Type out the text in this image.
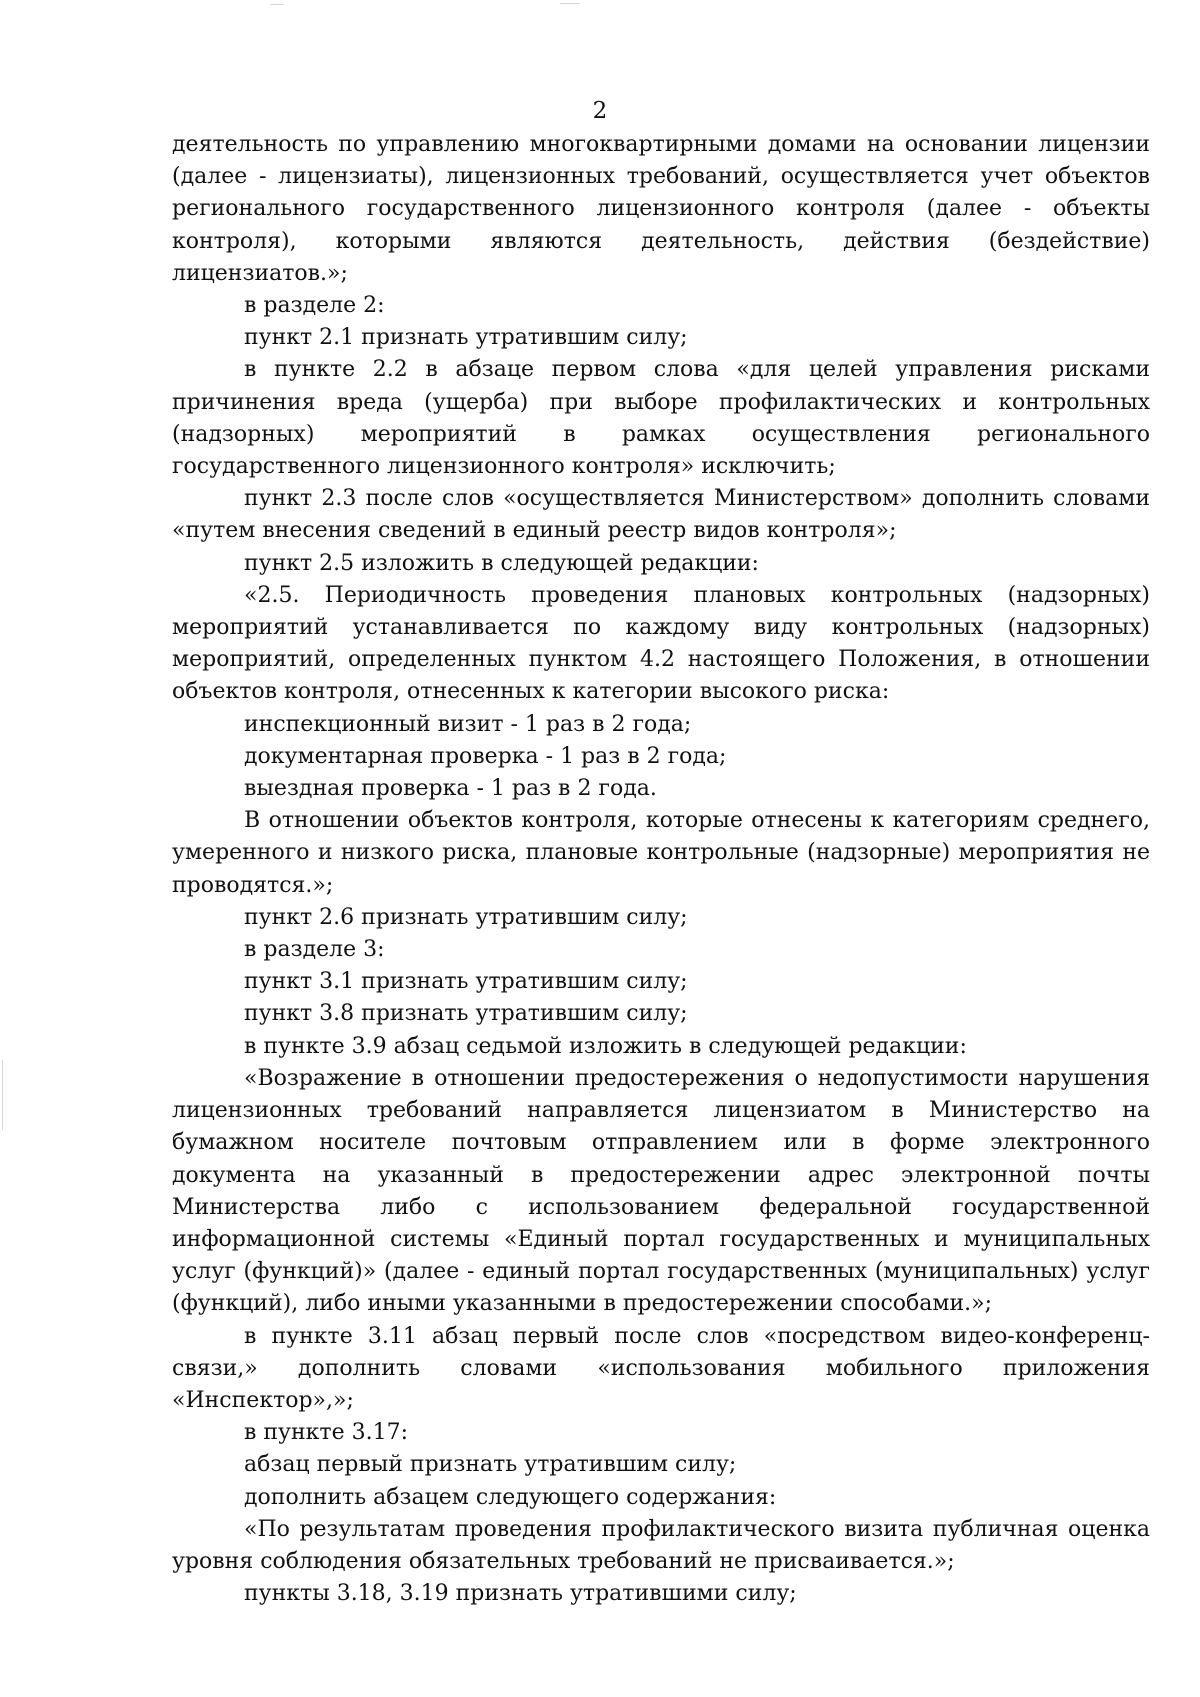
2

деятельность по управлению многоквартирными домами на основании лицензии (далее - лицензиаты), лицензионных требований, осуществляется учет объектов регионального государственного лицензионного контроля (далее - объекты контроля), которыми являются деятельность, действия (бездействие) лицензиатов.»;

в разделе 2:

пункт 2.1 признать утратившим силу;

в пункте 2.2 в абзаце первом слова «для целей управления рисками причинения вреда (ущерба) при выборе профилактических и контрольных (надзорных) мероприятий в рамках осуществления регионального государственного лицензионного контроля» исключить;

пункт 2.3 после слов «осуществляется Министерством» дополнить словами «путем внесения сведений в единый реестр видов контроля»;

пункт 2.5 изложить в следующей редакции:

«2.5. Периодичность проведения плановых контрольных (надзорных) мероприятий устанавливается по каждому виду контрольных (надзорных) мероприятий, определенных пунктом 4.2 настоящего Положения, в отношении объектов контроля, отнесенных к категории высокого риска:

инспекционный визит - 1 раз в 2 года;

документарная проверка - 1 раз в 2 года;

выездная проверка - 1 раз в 2 года.

В отношении объектов контроля, которые отнесены к категориям среднего, умеренного и низкого риска, плановые контрольные (надзорные) мероприятия не проводятся.»;

пункт 2.6 признать утратившим силу;

в разделе 3:

пункт 3.1 признать утратившим силу;

пункт 3.8 признать утратившим силу;

в пункте 3.9 абзац седьмой изложить в следующей редакции:

«Возражение в отношении предостережения о недопустимости нарушения лицензионных требований направляется лицензиатом в Министерство на бумажном носителе почтовым отправлением или в форме электронного документа на указанный в предостережении адрес электронной почты Министерства либо с использованием федеральной государственной информационной системы «Единый портал государственных и муниципальных услуг (функций)» (далее - единый портал государственных (муниципальных) услуг (функций), либо иными указанными в предостережении способами.»;

в пункте 3.11 абзац первый после слов «посредством видео-конференц-связи,» дополнить словами «использования мобильного приложения «Инспектор»,»;

в пункте 3.17:

абзац первый признать утратившим силу;

дополнить абзацем следующего содержания:

«По результатам проведения профилактического визита публичная оценка уровня соблюдения обязательных требований не присваивается.»;

пункты 3.18, 3.19 признать утратившими силу;
